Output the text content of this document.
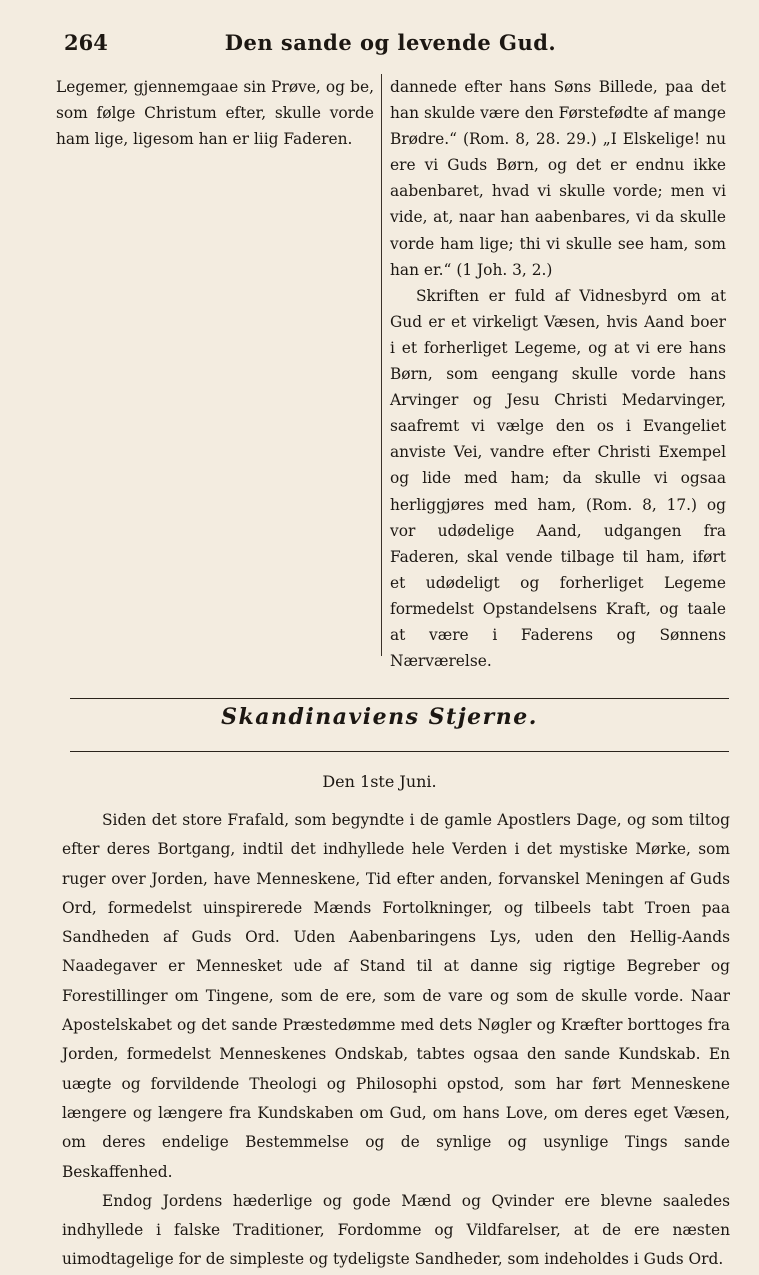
264	Den sande og levende Gud.

Legemer, gjennemgaae sin Prøve, og be, som følge Christum efter, skulle vorde ham lige, ligesom han er liig Faderen.

dannede efter hans Søns Billede, paa det han skulde være den Førstefødte af mange Brødre.“ (Rom. 8, 28. 29.) „I Elskelige! nu ere vi Guds Børn, og det er endnu ikke aabenbaret, hvad vi skulle vorde; men vi vide, at, naar han aabenbares, vi da skulle vorde ham lige; thi vi skulle see ham, som han er.“ (1 Joh. 3, 2.)

Skriften er fuld af Vidnesbyrd om at Gud er et virkeligt Væsen, hvis Aand boer i et forherliget Legeme, og at vi ere hans Børn, som eengang skulle vorde hans Arvinger og Jesu Christi Medarvinger, saafremt vi vælge den os i Evangeliet anviste Vei, vandre efter Christi Exempel og lide med ham; da skulle vi ogsaa herliggjøres med ham, (Rom. 8, 17.) og vor udødelige Aand, udgangen fra Faderen, skal vende tilbage til ham, iført et udødeligt og forherliget Legeme formedelst Opstandelsens Kraft, og taale at være i Faderens og Sønnens Nærværelse.

Skandinaviens Stjerne.
Den 1ste Juni.

Siden det store Frafald, som begyndte i de gamle Apostlers Dage, og som tiltog efter deres Bortgang, indtil det indhyllede hele Verden i det mystiske Mørke, som ruger over Jorden, have Menneskene, Tid efter anden, forvanskel Meningen af Guds Ord, formedelst uinspirerede Mænds Fortolkninger, og tilbeels tabt Troen paa Sandheden af Guds Ord. Uden Aabenbaringens Lys, uden den Hellig-Aands Naadegaver er Mennesket ude af Stand til at danne sig rigtige Begreber og Forestillinger om Tingene, som de ere, som de vare og som de skulle vorde. Naar Apostelskabet og det sande Præstedømme med dets Nøgler og Kræfter borttoges fra Jorden, formedelst Menneskenes Ondskab, tabtes ogsaa den sande Kundskab. En uægte og forvildende Theologi og Philosophi opstod, som har ført Menneskene længere og længere fra Kundskaben om Gud, om hans Love, om deres eget Væsen, om deres endelige Bestemmelse og de synlige og usynlige Tings sande Beskaffenhed.

Endog Jordens hæderlige og gode Mænd og Qvinder ere blevne saaledes indhyllede i falske Traditioner, Fordomme og Vildfarelser, at de ere næsten uimodtagelige for de simpleste og tydeligste Sandheder, som indeholdes i Guds Ord.
